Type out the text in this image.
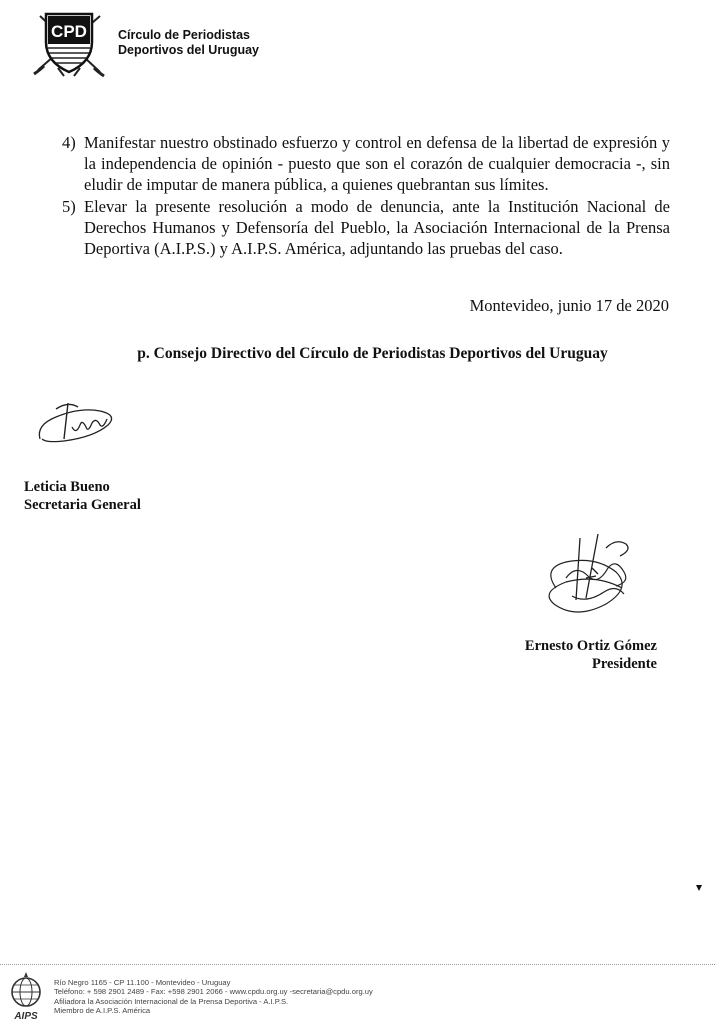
CPD Círculo de Periodistas
Deportivos del Uruguay
4) Manifestar nuestro obstinado esfuerzo y control en defensa de la libertad de expresión y la independencia de opinión - puesto que son el corazón de cualquier democracia -, sin eludir de imputar de manera pública, a quienes quebrantan sus límites.
5) Elevar la presente resolución a modo de denuncia, ante la Institución Nacional de Derechos Humanos y Defensoría del Pueblo, la Asociación Internacional de la Prensa Deportiva (A.I.P.S.) y A.I.P.S. América, adjuntando las pruebas del caso.
Montevideo, junio 17 de 2020
p. Consejo Directivo del Círculo de Periodistas Deportivos del Uruguay
Leticia Bueno
Secretaria General
Ernesto Ortiz Gómez
Presidente
AIPS
Río Negro 1165 - CP 11.100 - Montevideo - Uruguay
Teléfono: + 598 2901 2489 - Fax: +598 2901 2066 - www.cpdu.org.uy -secretaria@cpdu.org.uy
Afiliadora la Asociación Internacional de la Prensa Deportiva - A.I.P.S.
Miembro de A.I.P.S. América
